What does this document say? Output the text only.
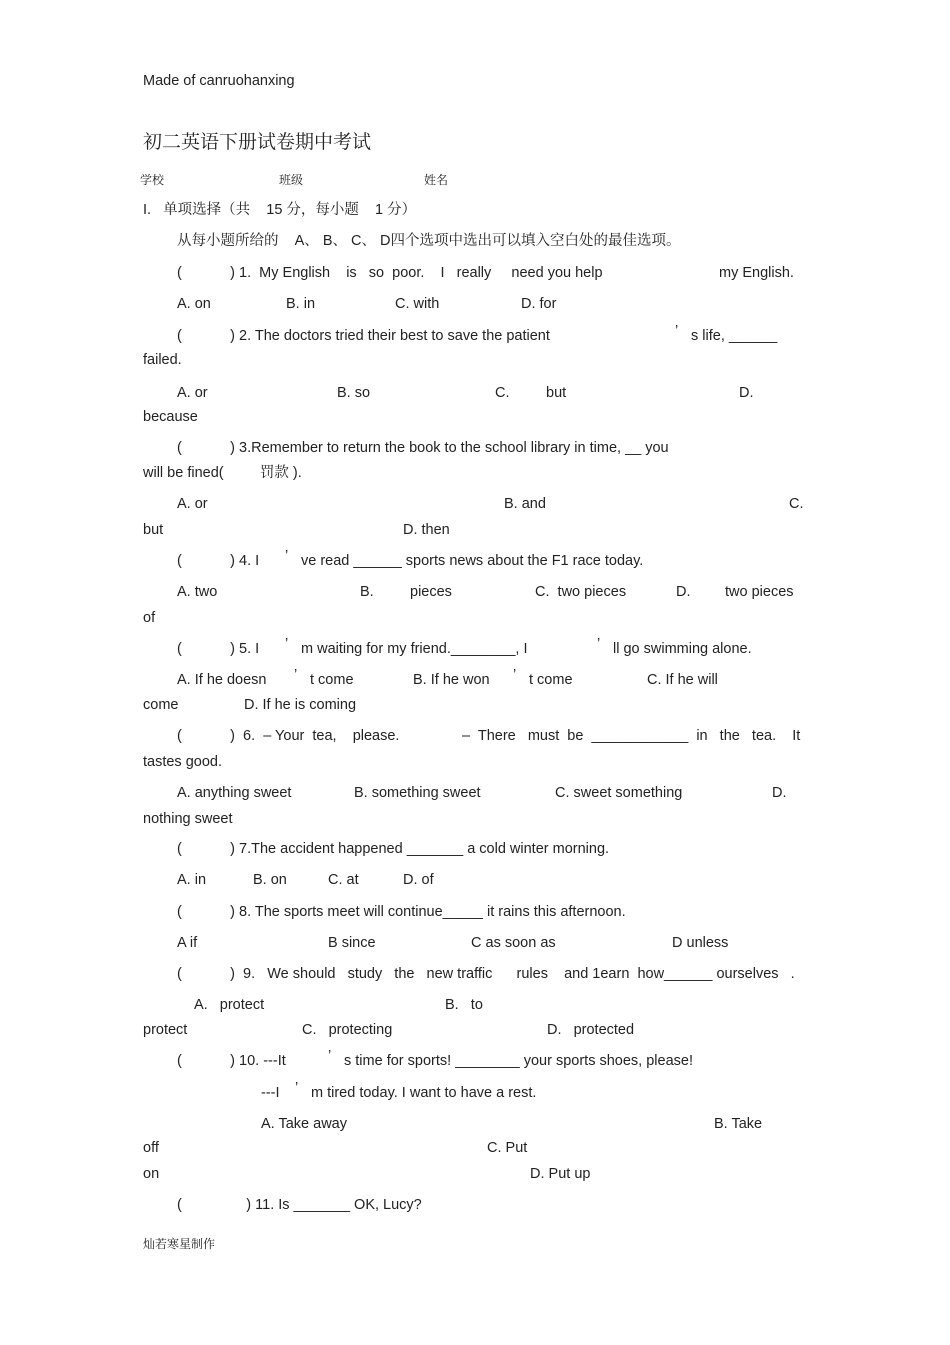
Made of canruohanxing
初二英语下册试卷期中考试
学校	班级	姓名
I.   单项选择（共    15 分，每小题    1 分）
从每小题所给的    A、 B、 C、 D四个选项中选出可以填入空白处的最佳选项。
(            ) 1.  My English    is   so  poor.    I   really     need you help	my English.
A. on	B. in	C. with	D. for
(            ) 2. The doctors tried their best to save the patient	’ s life, ______
failed.
A. or	B. so	C.	but	D.
because
(            ) 3.Remember to return the book to the school library in time, __ you
will be fined(         罚款 ).
A. or	B. and	C.
but	D. then
(            ) 4. I ’ ve read ______ sports news about the F1 race today.
A. two	B.	pieces	C.  two pieces	D. two pieces
of
(            ) 5. I ’ m waiting for my friend.________, I	’ ll go swimming alone.
A. If he doesn ’ t come	B. If he won ’ t come	C. If he will
come	D. If he is coming
(            )  6.  – Your  tea,    please.	–  There   must  be  ____________  in   the   tea.    It
tastes good.
A. anything sweet	B. something sweet	C. sweet something	D.
nothing sweet
(            ) 7.The accident happened _______ a cold winter morning.
A. in	B. on	C. at	D. of
(            ) 8. The sports meet will continue_____ it rains this afternoon.
A if	B since	C as soon as	D unless
(            )  9.   We should   study   the   new traffic      rules    and 1earn  how______ ourselves   .
A.   protect	B.   to
protect	C.   protecting	D.   protected
(            ) 10. ---It	’ s time for sports! ________ your sports shoes, please!
---I ’ m tired today. I want to have a rest.
A. Take away	B. Take
off	C. Put
on	D. Put up
(                ) 11. Is _______ OK, Lucy?
灿若寒星制作
